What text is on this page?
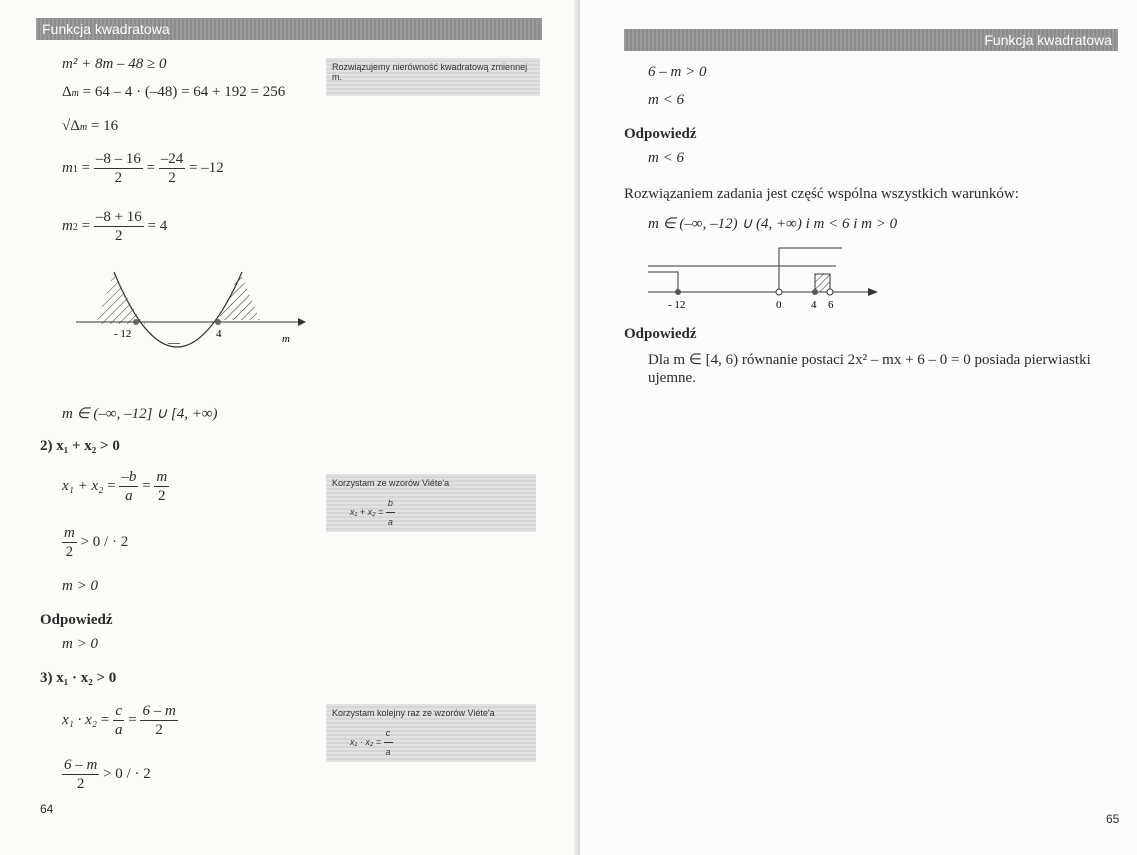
Funkcja kwadratowa
m² + 8m – 48 ≥ 0
Δm = 64 – 4 · (–48) = 64 + 192 = 256
√Δm = 16
$m1 = \frac{-8 - 16}{2} = \frac{-24}{2} = -12$
$m2 = \frac{-8 + 16}{2} = 4$
Rozwiązujemy nierówność kwadratową zmiennej m.
- 12	4	m
—
m ∈ (–∞, –12] ∪ [4, +∞)
2) x₁ + x₂ > 0
$x_1 + x_2 = \frac{-b}{a} = \frac{m}{2}$
$\frac{m}{2} > 0$ / · 2
m > 0
Korzystam ze wzorów Viéte'a
$x_1 + x_2 = \frac{b}{a}$
Odpowiedź
m > 0
3) x₁ · x₂ > 0
$x_1 \cdot x_2 = \frac{c}{a} = \frac{6 - m}{2}$
$\frac{6 - m}{2} > 0$ / · 2
Korzystam kolejny raz ze wzorów Viéte'a
$x_1 \cdot x_2 = \frac{c}{a}$
64
Funkcja kwadratowa
6 – m > 0
m < 6
Odpowiedź
m < 6
Rozwiązaniem zadania jest część wspólna wszystkich warunków:
m ∈ (–∞, –12) ∪ (4, +∞) i m < 6 i m > 0
- 12	0	4 6
Odpowiedź
Dla m ∈ [4, 6) równanie postaci 2x² – mx + 6 – 0 = 0 posiada pierwiastki
ujemne.
65
